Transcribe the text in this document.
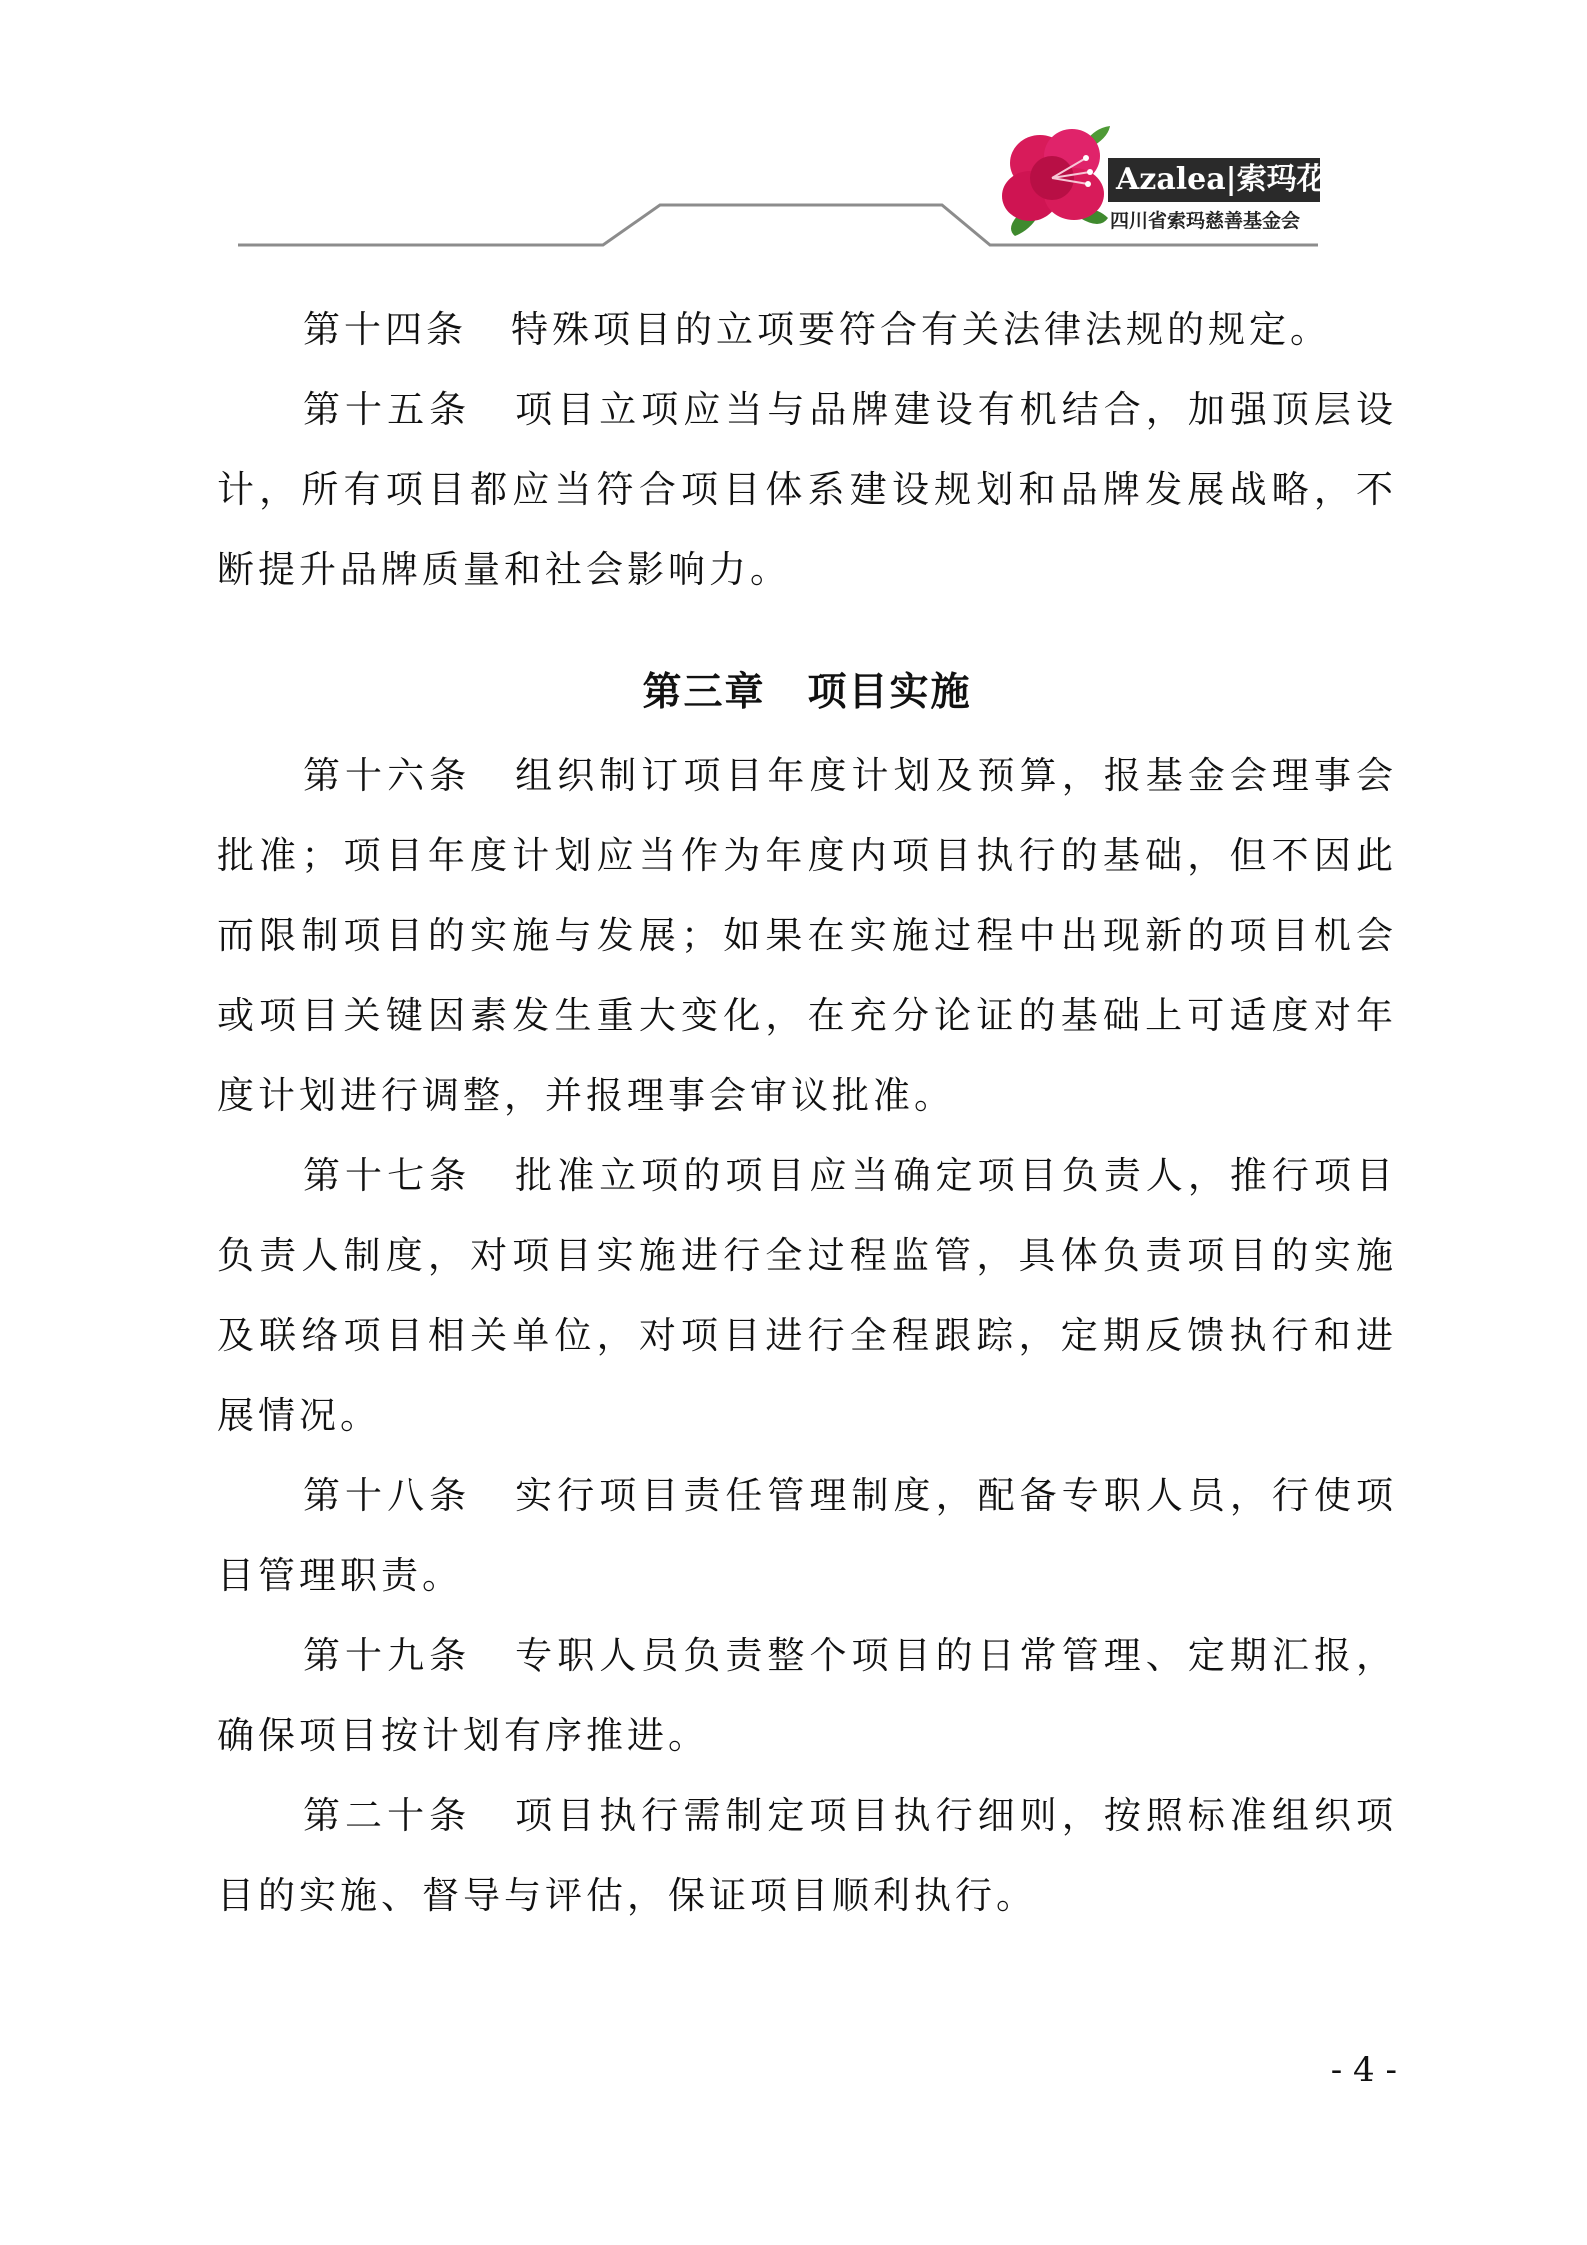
Azalea|索玛花
四川省索玛慈善基金会

第十四条 特殊项目的立项要符合有关法律法规的规定。

第十五条 项目立项应当与品牌建设有机结合，加强顶层设计，所有项目都应当符合项目体系建设规划和品牌发展战略，不断提升品牌质量和社会影响力。

第三章 项目实施

第十六条 组织制订项目年度计划及预算，报基金会理事会批准；项目年度计划应当作为年度内项目执行的基础，但不因此而限制项目的实施与发展；如果在实施过程中出现新的项目机会或项目关键因素发生重大变化，在充分论证的基础上可适度对年度计划进行调整，并报理事会审议批准。

第十七条 批准立项的项目应当确定项目负责人，推行项目负责人制度，对项目实施进行全过程监管，具体负责项目的实施及联络项目相关单位，对项目进行全程跟踪，定期反馈执行和进展情况。

第十八条 实行项目责任管理制度，配备专职人员，行使项目管理职责。

第十九条 专职人员负责整个项目的日常管理、定期汇报，确保项目按计划有序推进。

第二十条 项目执行需制定项目执行细则，按照标准组织项目的实施、督导与评估，保证项目顺利执行。

- 4 -
